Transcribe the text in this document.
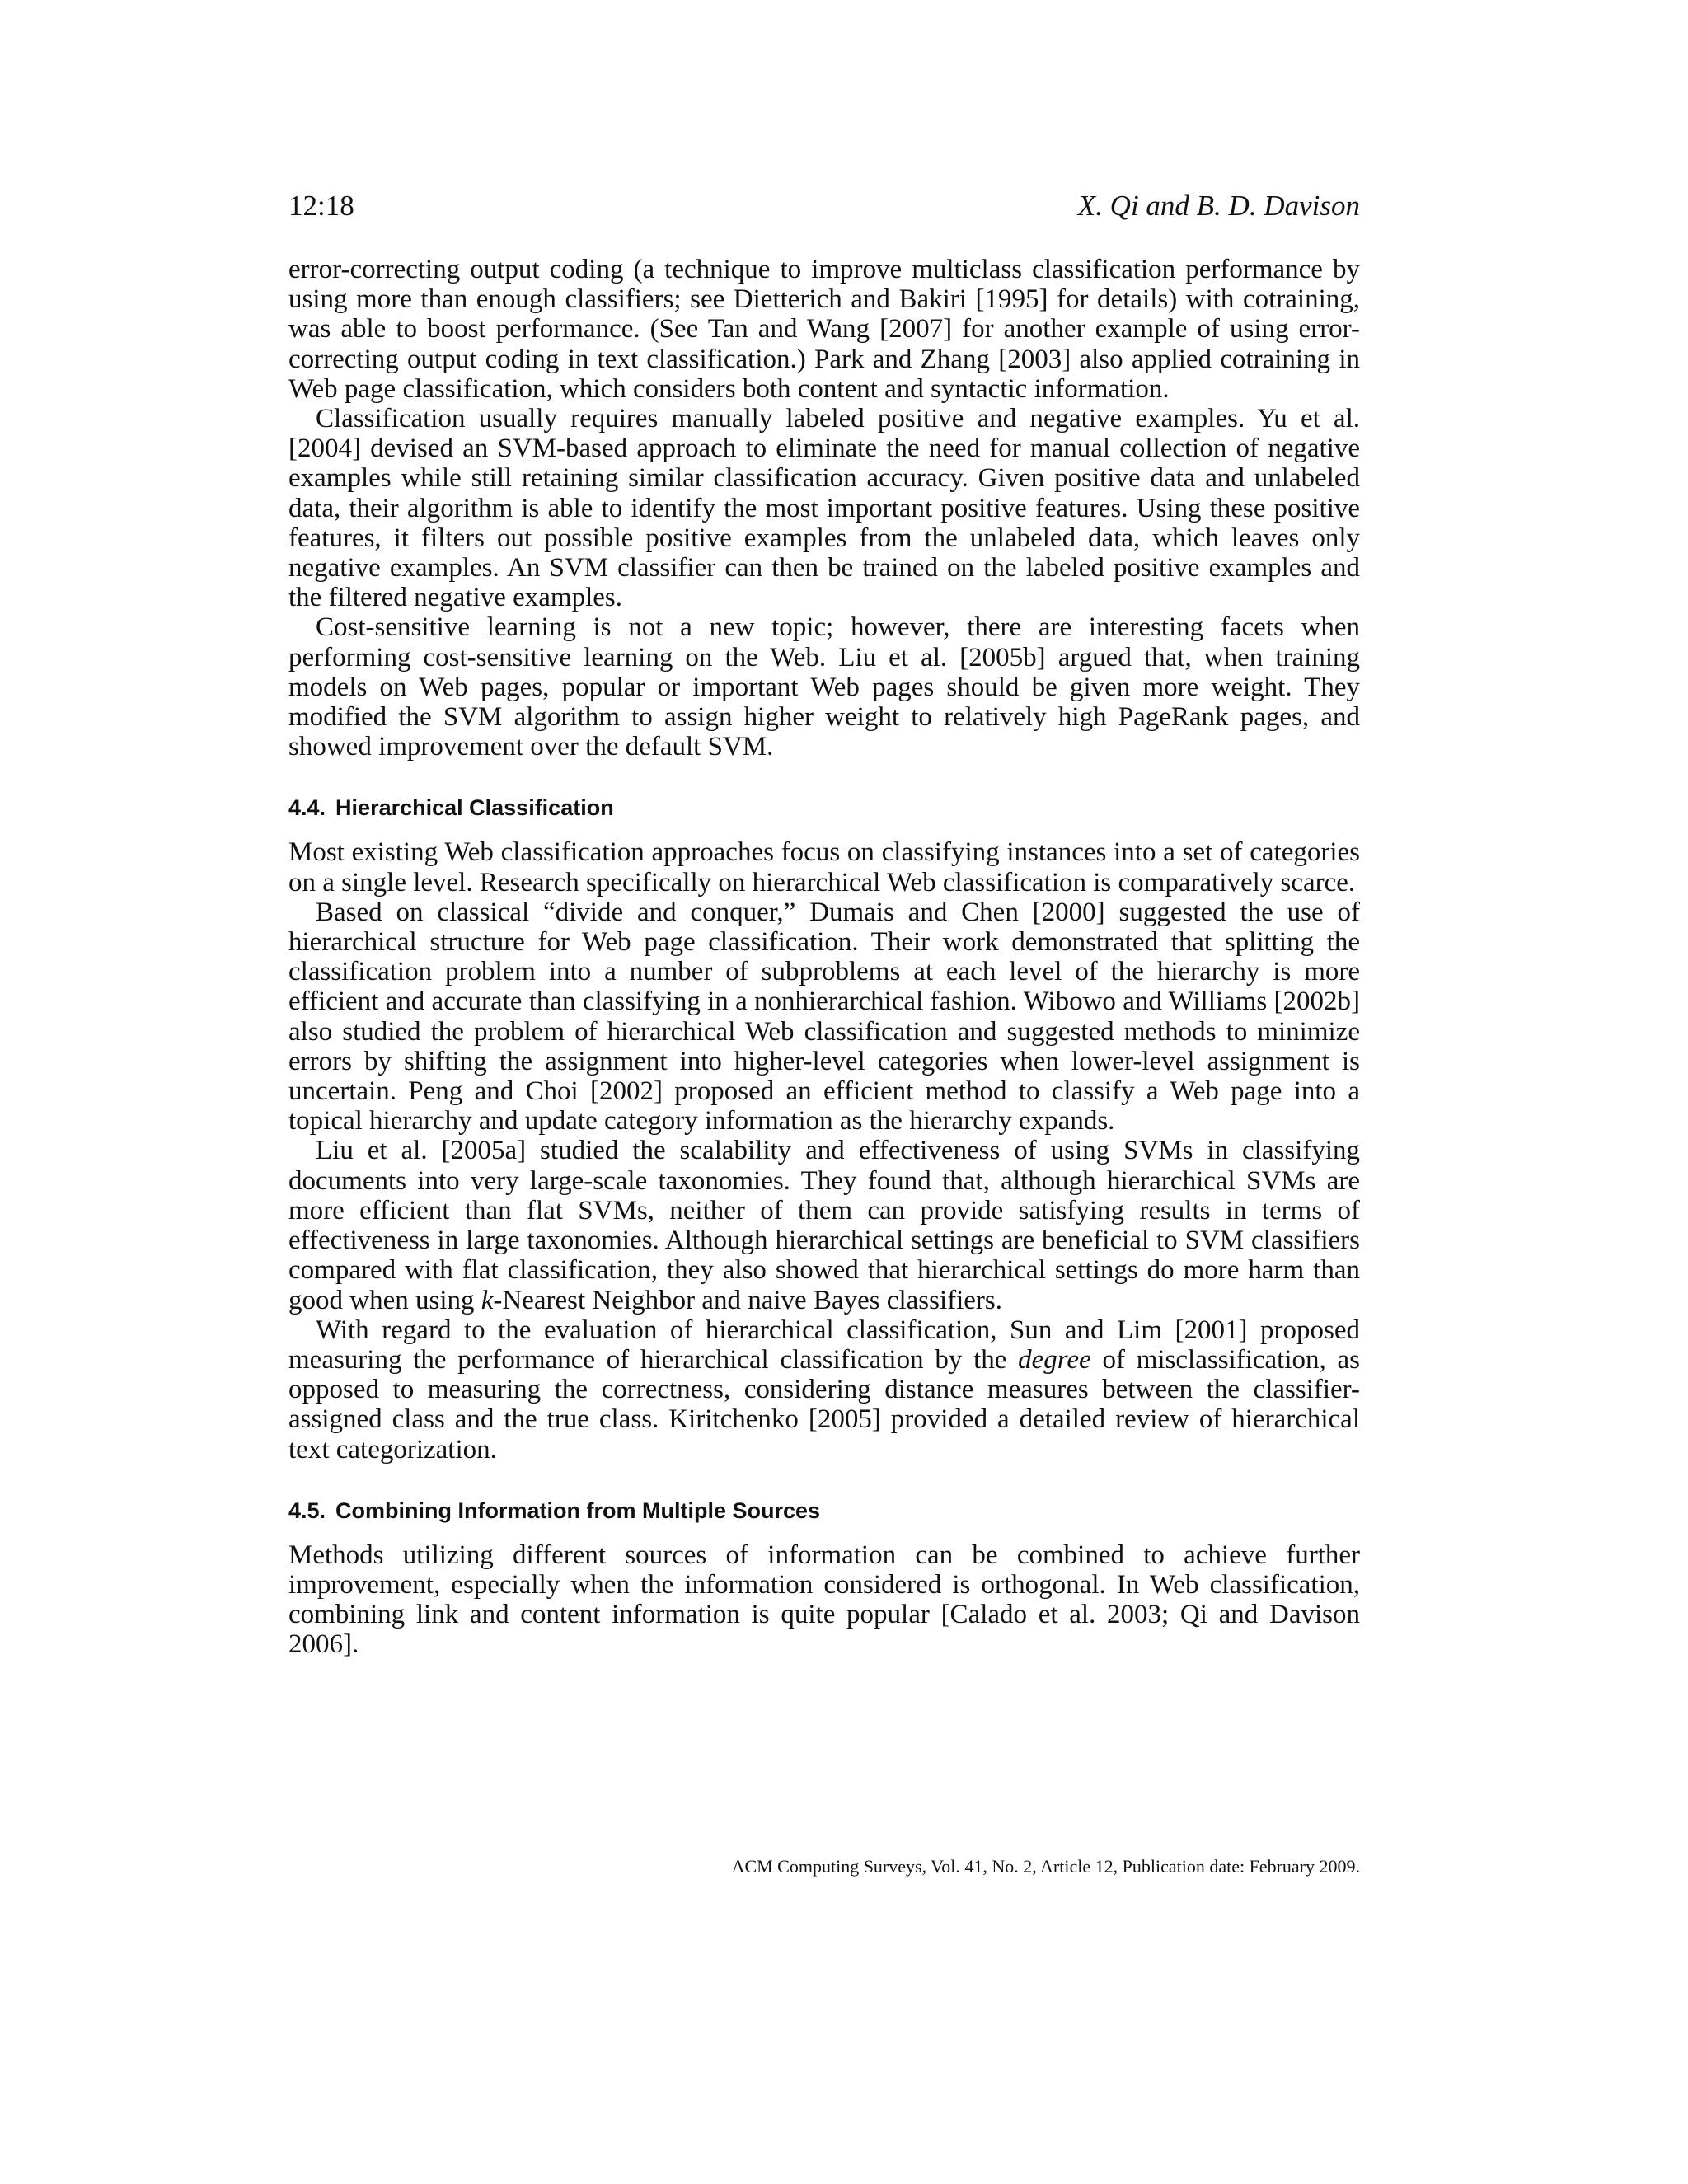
12:18	X. Qi and B. D. Davison

error-correcting output coding (a technique to improve multiclass classification performance by using more than enough classifiers; see Dietterich and Bakiri [1995] for details) with cotraining, was able to boost performance. (See Tan and Wang [2007] for another example of using error-correcting output coding in text classification.) Park and Zhang [2003] also applied cotraining in Web page classification, which considers both content and syntactic information.

Classification usually requires manually labeled positive and negative examples. Yu et al. [2004] devised an SVM-based approach to eliminate the need for manual collection of negative examples while still retaining similar classification accuracy. Given positive data and unlabeled data, their algorithm is able to identify the most important positive features. Using these positive features, it filters out possible positive examples from the unlabeled data, which leaves only negative examples. An SVM classifier can then be trained on the labeled positive examples and the filtered negative examples.

Cost-sensitive learning is not a new topic; however, there are interesting facets when performing cost-sensitive learning on the Web. Liu et al. [2005b] argued that, when training models on Web pages, popular or important Web pages should be given more weight. They modified the SVM algorithm to assign higher weight to relatively high PageRank pages, and showed improvement over the default SVM.

4.4. Hierarchical Classification

Most existing Web classification approaches focus on classifying instances into a set of categories on a single level. Research specifically on hierarchical Web classification is comparatively scarce.

Based on classical “divide and conquer,” Dumais and Chen [2000] suggested the use of hierarchical structure for Web page classification. Their work demonstrated that splitting the classification problem into a number of subproblems at each level of the hierarchy is more efficient and accurate than classifying in a nonhierarchical fashion. Wibowo and Williams [2002b] also studied the problem of hierarchical Web classification and suggested methods to minimize errors by shifting the assignment into higher-level categories when lower-level assignment is uncertain. Peng and Choi [2002] proposed an efficient method to classify a Web page into a topical hierarchy and update category information as the hierarchy expands.

Liu et al. [2005a] studied the scalability and effectiveness of using SVMs in classifying documents into very large-scale taxonomies. They found that, although hierarchical SVMs are more efficient than flat SVMs, neither of them can provide satisfying results in terms of effectiveness in large taxonomies. Although hierarchical settings are beneficial to SVM classifiers compared with flat classification, they also showed that hierarchical settings do more harm than good when using k-Nearest Neighbor and naive Bayes classifiers.

With regard to the evaluation of hierarchical classification, Sun and Lim [2001] proposed measuring the performance of hierarchical classification by the degree of misclassification, as opposed to measuring the correctness, considering distance measures between the classifier-assigned class and the true class. Kiritchenko [2005] provided a detailed review of hierarchical text categorization.

4.5. Combining Information from Multiple Sources

Methods utilizing different sources of information can be combined to achieve further improvement, especially when the information considered is orthogonal. In Web classification, combining link and content information is quite popular [Calado et al. 2003; Qi and Davison 2006].

ACM Computing Surveys, Vol. 41, No. 2, Article 12, Publication date: February 2009.
